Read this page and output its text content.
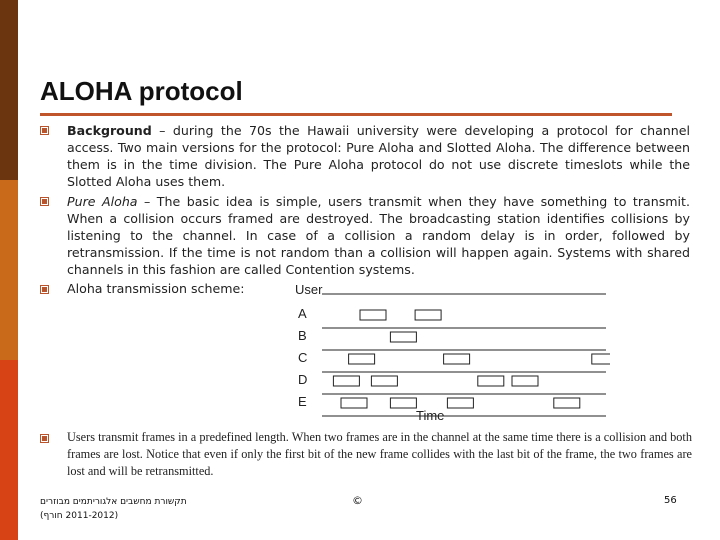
ALOHA protocol

Background – during the 70s the Hawaii university were developing a protocol for channel access. Two main versions for the protocol: Pure Aloha and Slotted Aloha. The difference between them is in the time division. The Pure Aloha protocol do not use discrete timeslots while the Slotted Aloha uses them.

Pure Aloha – The basic idea is simple, users transmit when they have something to transmit. When a collision occurs framed are destroyed. The broadcasting station identifies collisions by listening to the channel. In case of a collision a random delay is in order, followed by retransmission. If the time is not random than a collision will happen again. Systems with shared channels in this fashion are called Contention systems.

Aloha transmission scheme:	User
A
B
C
D
E
Time

Users transmit frames in a predefined length. When two frames are in the channel at the same time there is a collision and both frames are lost. Notice that even if only the first bit of the new frame collides with the last bit of the frame, the two frames are lost and will be retransmitted.

תקשורת מחשבים אלגוריתמים מבוזרים
(2011-2012 חורף)
©	56
